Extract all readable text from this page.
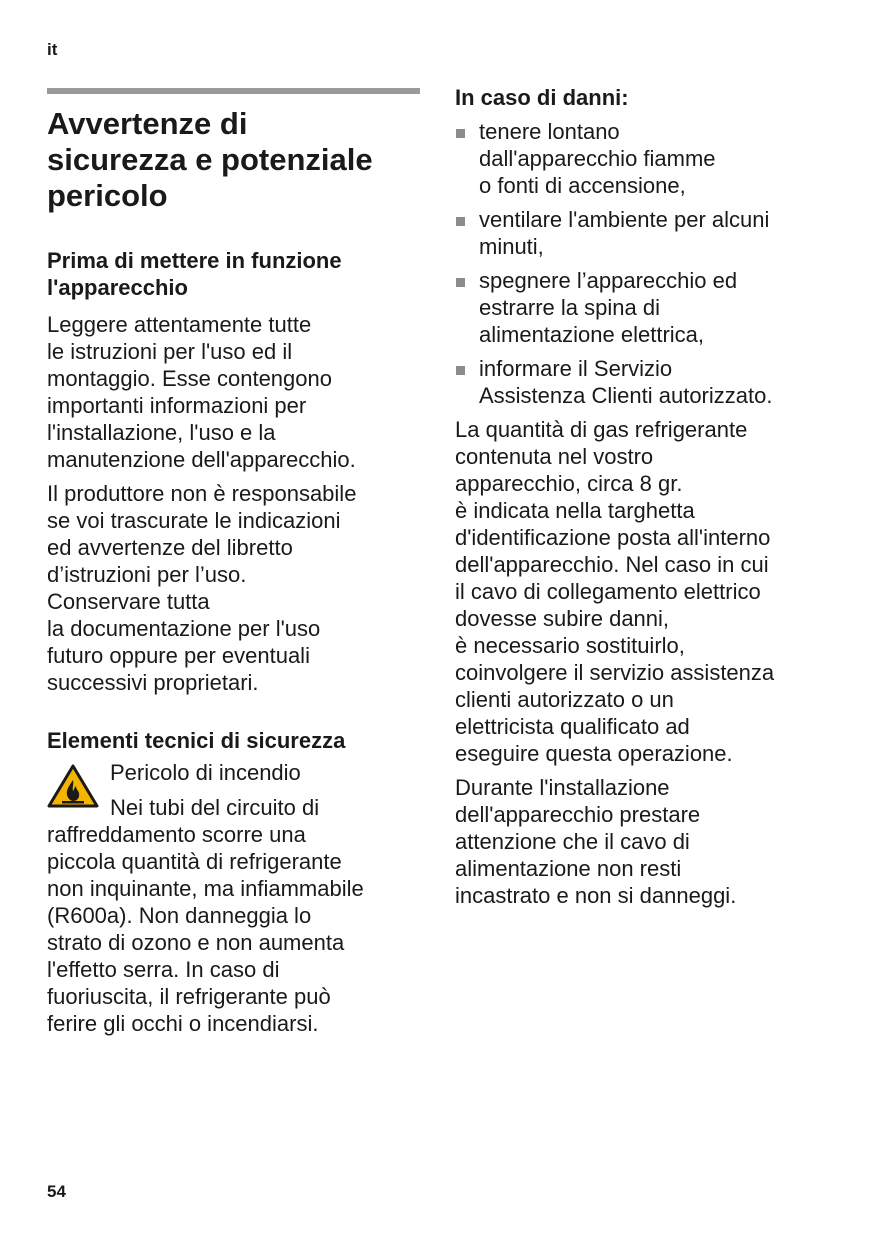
it
Avvertenze di
sicurezza e potenziale
pericolo
Prima di mettere in funzione
l'apparecchio

Leggere attentamente tutte
le istruzioni per l'uso ed il
montaggio. Esse contengono
importanti informazioni per
l'installazione, l'uso e la
manutenzione dell'apparecchio.

Il produttore non è responsabile
se voi trascurate le indicazioni
ed avvertenze del libretto
d’istruzioni per l’uso.
Conservare tutta
la documentazione per l'uso
futuro oppure per eventuali
successivi proprietari.

Elementi tecnici di sicurezza

Pericolo di incendio

Nei tubi del circuito di

raffreddamento scorre una
piccola quantità di refrigerante
non inquinante, ma infiammabile
(R600a). Non danneggia lo
strato di ozono e non aumenta
l'effetto serra. In caso di
fuoriuscita, il refrigerante può
ferire gli occhi o incendiarsi.

In caso di danni:
tenere lontano
dall'apparecchio fiamme
o fonti di accensione,
ventilare l'ambiente per alcuni
minuti,
spegnere l’apparecchio ed
estrarre la spina di
alimentazione elettrica,
informare il Servizio
Assistenza Clienti autorizzato.

La quantità di gas refrigerante
contenuta nel vostro
apparecchio, circa 8 gr.
è indicata nella targhetta
d'identificazione posta all'interno
dell'apparecchio. Nel caso in cui
il cavo di collegamento elettrico
dovesse subire danni,
è necessario sostituirlo,
coinvolgere il servizio assistenza
clienti autorizzato o un
elettricista qualificato ad
eseguire questa operazione.

Durante l'installazione
dell'apparecchio prestare
attenzione che il cavo di
alimentazione non resti
incastrato e non si danneggi.

54
